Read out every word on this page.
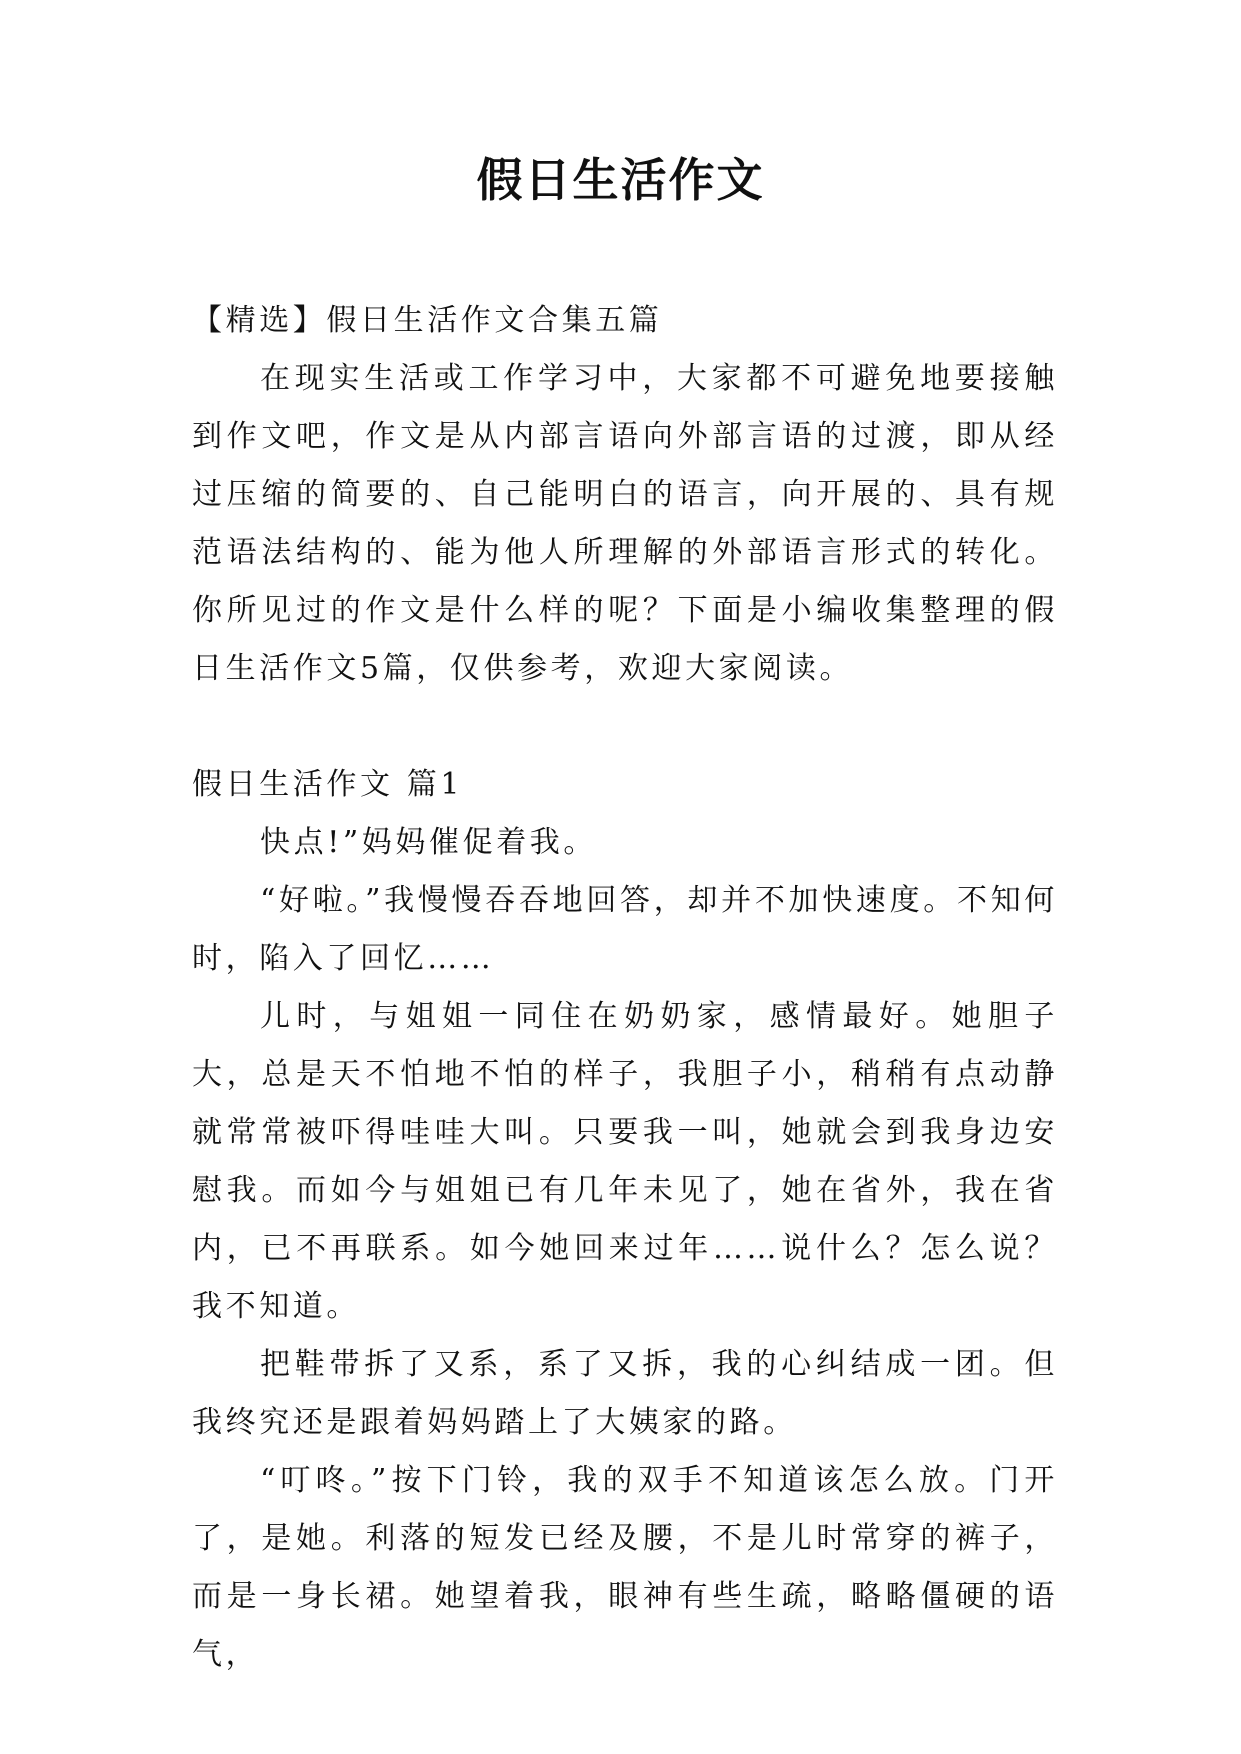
假日生活作文

【精选】假日生活作文合集五篇

在现实生活或工作学习中，大家都不可避免地要接触到作文吧，作文是从内部言语向外部言语的过渡，即从经过压缩的简要的、自己能明白的语言，向开展的、具有规范语法结构的、能为他人所理解的外部语言形式的转化。你所见过的作文是什么样的呢？下面是小编收集整理的假日生活作文5篇，仅供参考，欢迎大家阅读。

假日生活作文 篇1

快点!”妈妈催促着我。

“好啦。”我慢慢吞吞地回答，却并不加快速度。不知何时，陷入了回忆……

儿时，与姐姐一同住在奶奶家，感情最好。她胆子大，总是天不怕地不怕的样子，我胆子小，稍稍有点动静就常常被吓得哇哇大叫。只要我一叫，她就会到我身边安慰我。而如今与姐姐已有几年未见了，她在省外，我在省内，已不再联系。如今她回来过年……说什么？怎么说？我不知道。

把鞋带拆了又系，系了又拆，我的心纠结成一团。但我终究还是跟着妈妈踏上了大姨家的路。

“叮咚。”按下门铃，我的双手不知道该怎么放。门开了，是她。利落的短发已经及腰，不是儿时常穿的裤子，而是一身长裙。她望着我，眼神有些生疏，略略僵硬的语气，
